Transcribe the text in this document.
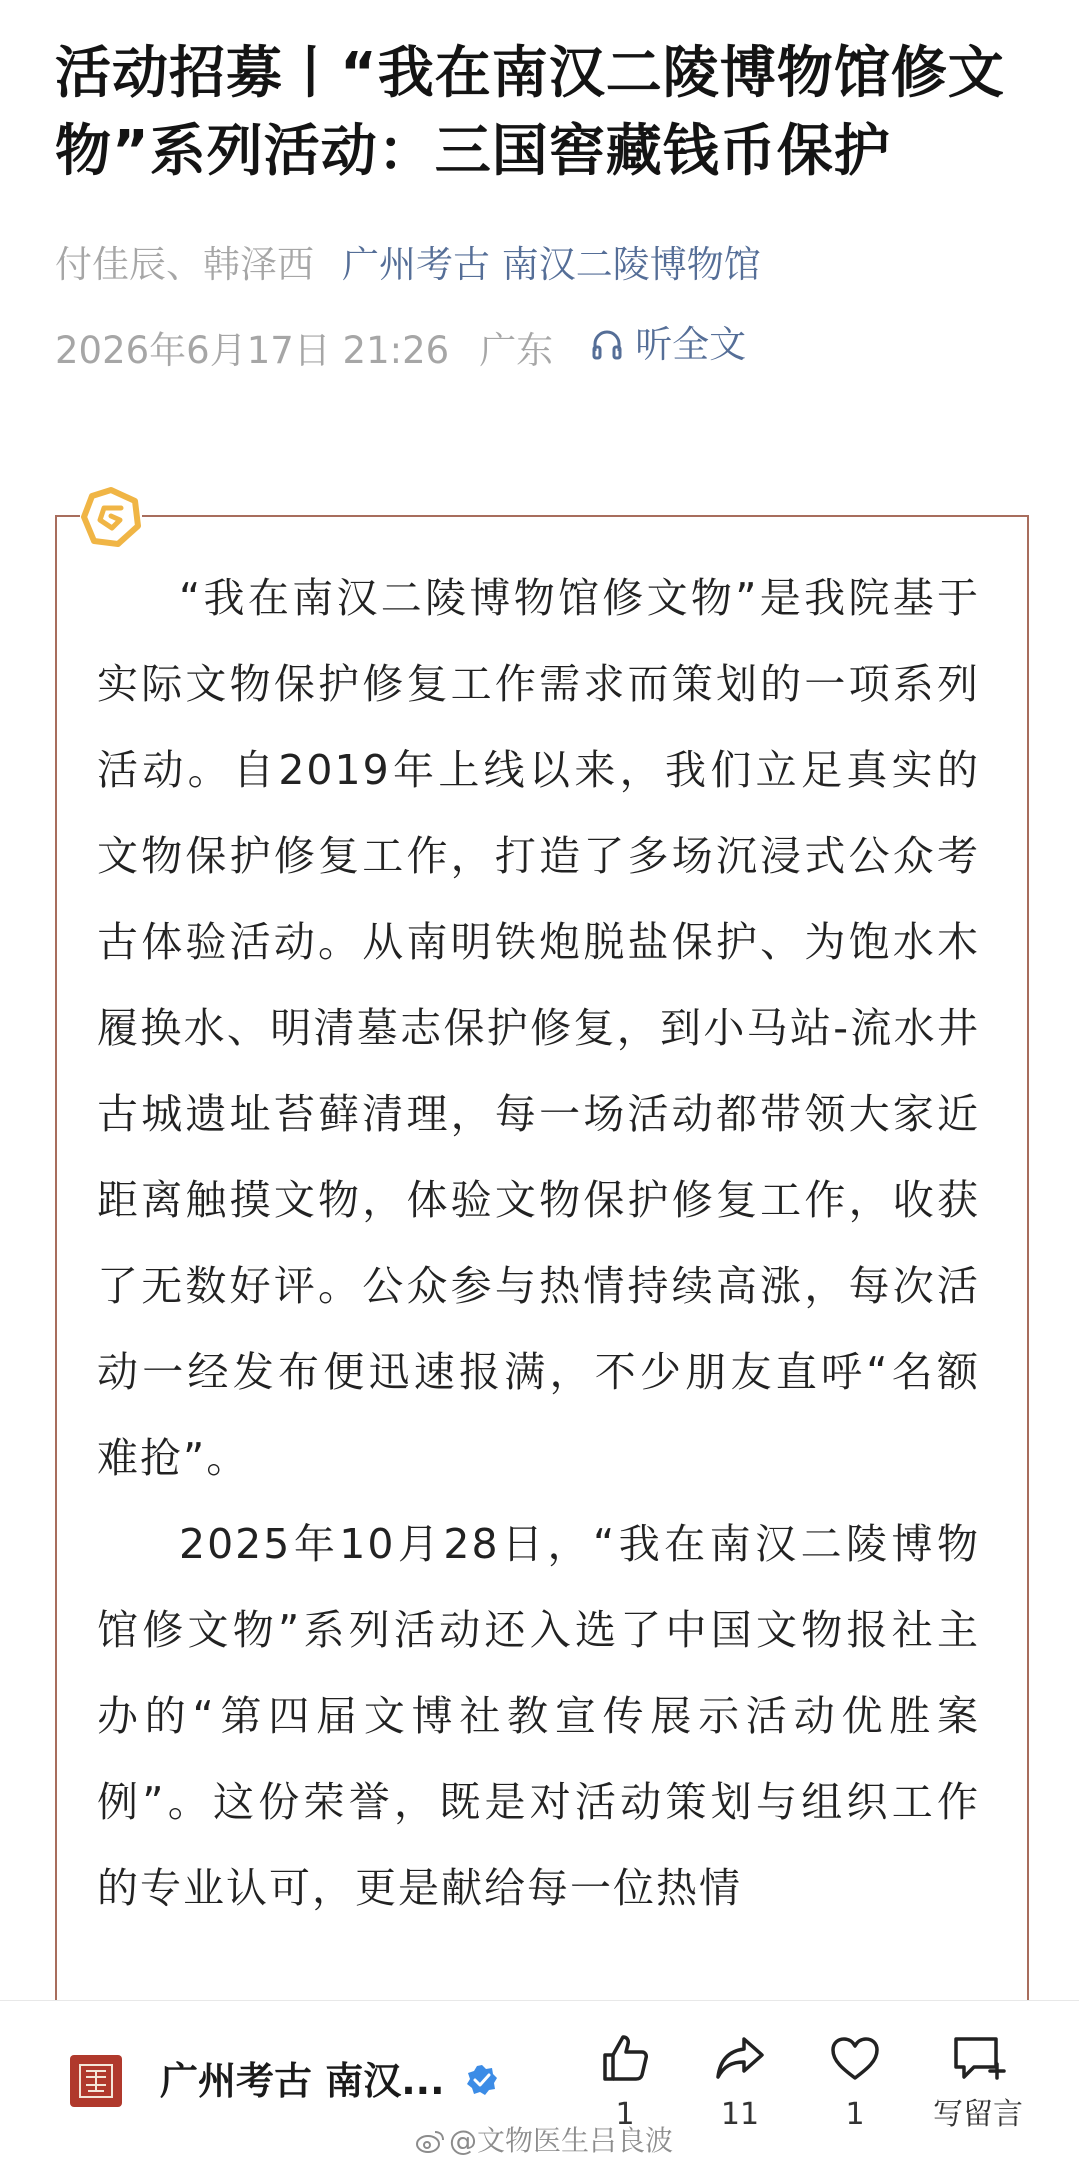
活动招募丨“我在南汉二陵博物馆修文物”系列活动：三国窖藏钱币保护
付佳辰、韩泽西 广州考古 南汉二陵博物馆
2026年6月17日 21:26 广东 听全文

“我在南汉二陵博物馆修文物”是我院基于实际文物保护修复工作需求而策划的一项系列活动。自2019年上线以来，我们立足真实的文物保护修复工作，打造了多场沉浸式公众考古体验活动。从南明铁炮脱盐保护、为饱水木履换水、明清墓志保护修复，到小马站-流水井古城遗址苔藓清理，每一场活动都带领大家近距离触摸文物，体验文物保护修复工作，收获了无数好评。公众参与热情持续高涨，每次活动一经发布便迅速报满，不少朋友直呼“名额难抢”。

2025年10月28日，“我在南汉二陵博物馆修文物”系列活动还入选了中国文物报社主办的“第四届文博社教宣传展示活动优胜案例”。这份荣誉，既是对活动策划与组织工作的专业认可，更是献给每一位热情

广州考古 南汉...
1	11	1	写留言
@文物医生吕良波
